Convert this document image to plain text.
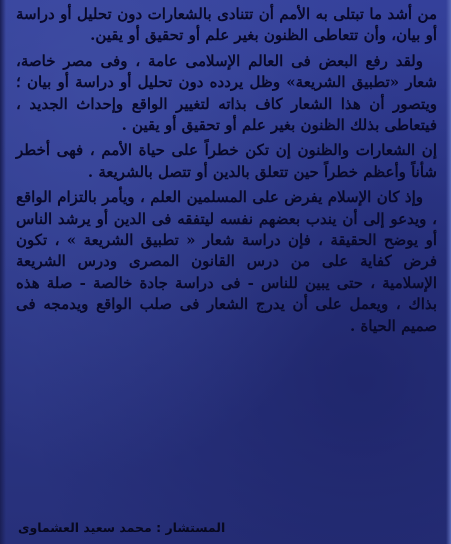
من أشد ما تبتلى به الأمم أن تتنادى بالشعارات دون تحليل أو دراسة أو بيان، وأن تتعاطى الظنون بغير علم أو تحقيق أو يقين.

ولقد رفع البعض فى العالم الإسلامى عامة ، وفى مصر خاصة، شعار «تطبيق الشريعة» وظل يردده دون تحليل أو دراسة أو بيان ؛ ويتصور أن هذا الشعار كاف بذاته لتغيير الواقع وإحداث الجديد ، فيتعاطى بذلك الظنون بغير علم أو تحقيق أو يقين .

إن الشعارات والظنون إن تكن خطراً على حياة الأمم ، فهى أخطر شأناً وأعظم خطراً حين تتعلق بالدين أو تتصل بالشريعة .

وإذ كان الإسلام يفرض على المسلمين العلم ، ويأمر بالتزام الواقع ، ويدعو إلى أن يندب بعضهم نفسه ليتفقه فى الدين أو يرشد الناس أو يوضح الحقيقة ، فإن دراسة شعار « تطبيق الشريعة » ، تكون فرض كفاية على من درس القانون المصرى ودرس الشريعة الإسلامية ، حتى يبين للناس - فى دراسة جادة خالصة - صلة هذه بذاك ، ويعمل على أن يدرج الشعار فى صلب الواقع ويدمجه فى صميم الحياة .

المستشار : محمد سعيد العشماوى
